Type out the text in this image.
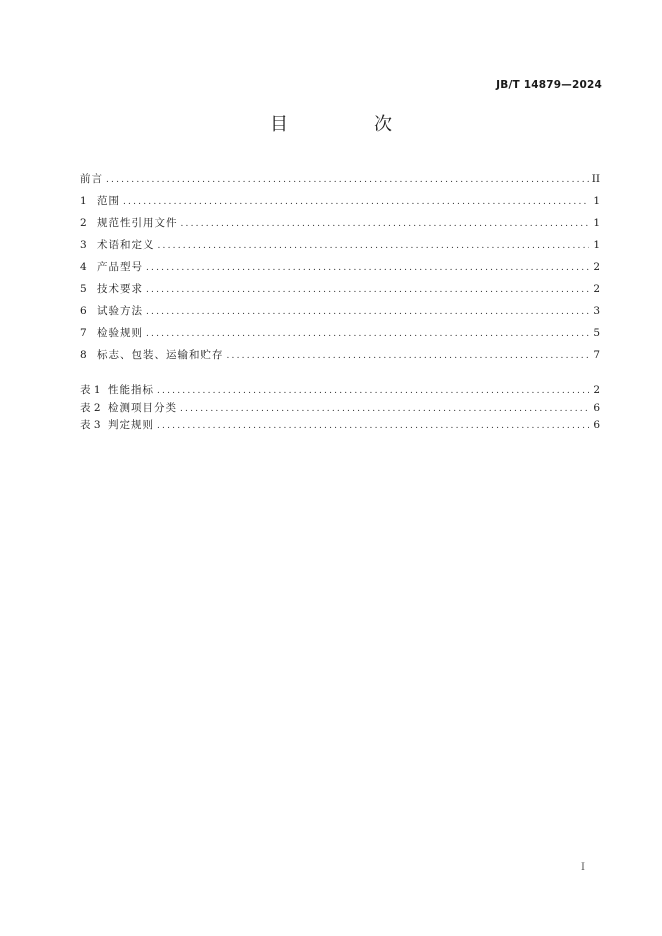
JB/T 14879—2024
目　次
前言 .....	II
1 范围 .....	1
2 规范性引用文件 .....	1
3 术语和定义 .....	1
4 产品型号 .....	2
5 技术要求 .....	2
6 试验方法 .....	3
7 检验规则 .....	5
8 标志、包装、运输和贮存 .....	7
表 1 性能指标 .....	2
表 2 检测项目分类 .....	6
表 3 判定规则 .....	6
I
